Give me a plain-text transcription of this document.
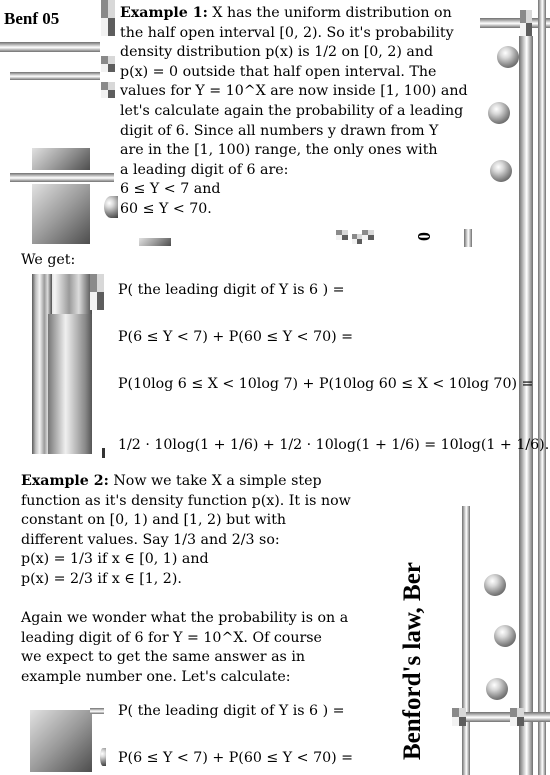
0
Benf 05
Benford's law, Ber

Example 1: X has the uniform distribution on

the half open interval [0, 2). So it's probability

density distribution p(x) is 1/2 on [0, 2) and

p(x) = 0 outside that half open interval. The

values for Y = 10^X are now inside [1, 100) and

let's calculate again the probability of a leading

digit of 6. Since all numbers y drawn from Y

are in the [1, 100) range, the only ones with

a leading digit of 6 are:

6 ≤ Y < 7 and

60 ≤ Y < 70.

We get:
P( the leading digit of Y is 6 ) =
P(6 ≤ Y < 7) + P(60 ≤ Y < 70) =
P(10log 6 ≤ X < 10log 7) + P(10log 60 ≤ X < 10log 70) =
1/2 · 10log(1 + 1/6) + 1/2 · 10log(1 + 1/6) = 10log(1 + 1/6).

Example 2: Now we take X a simple step

function as it's density function p(x). It is now

constant on [0, 1) and [1, 2) but with

different values. Say 1/3 and 2/3 so:

p(x) = 1/3 if x ∈ [0, 1) and

p(x) = 2/3 if x ∈ [1, 2).

Again we wonder what the probability is on a

leading digit of 6 for Y = 10^X. Of course

we expect to get the same answer as in

example number one. Let's calculate:

P( the leading digit of Y is 6 ) =
P(6 ≤ Y < 7) + P(60 ≤ Y < 70) =
